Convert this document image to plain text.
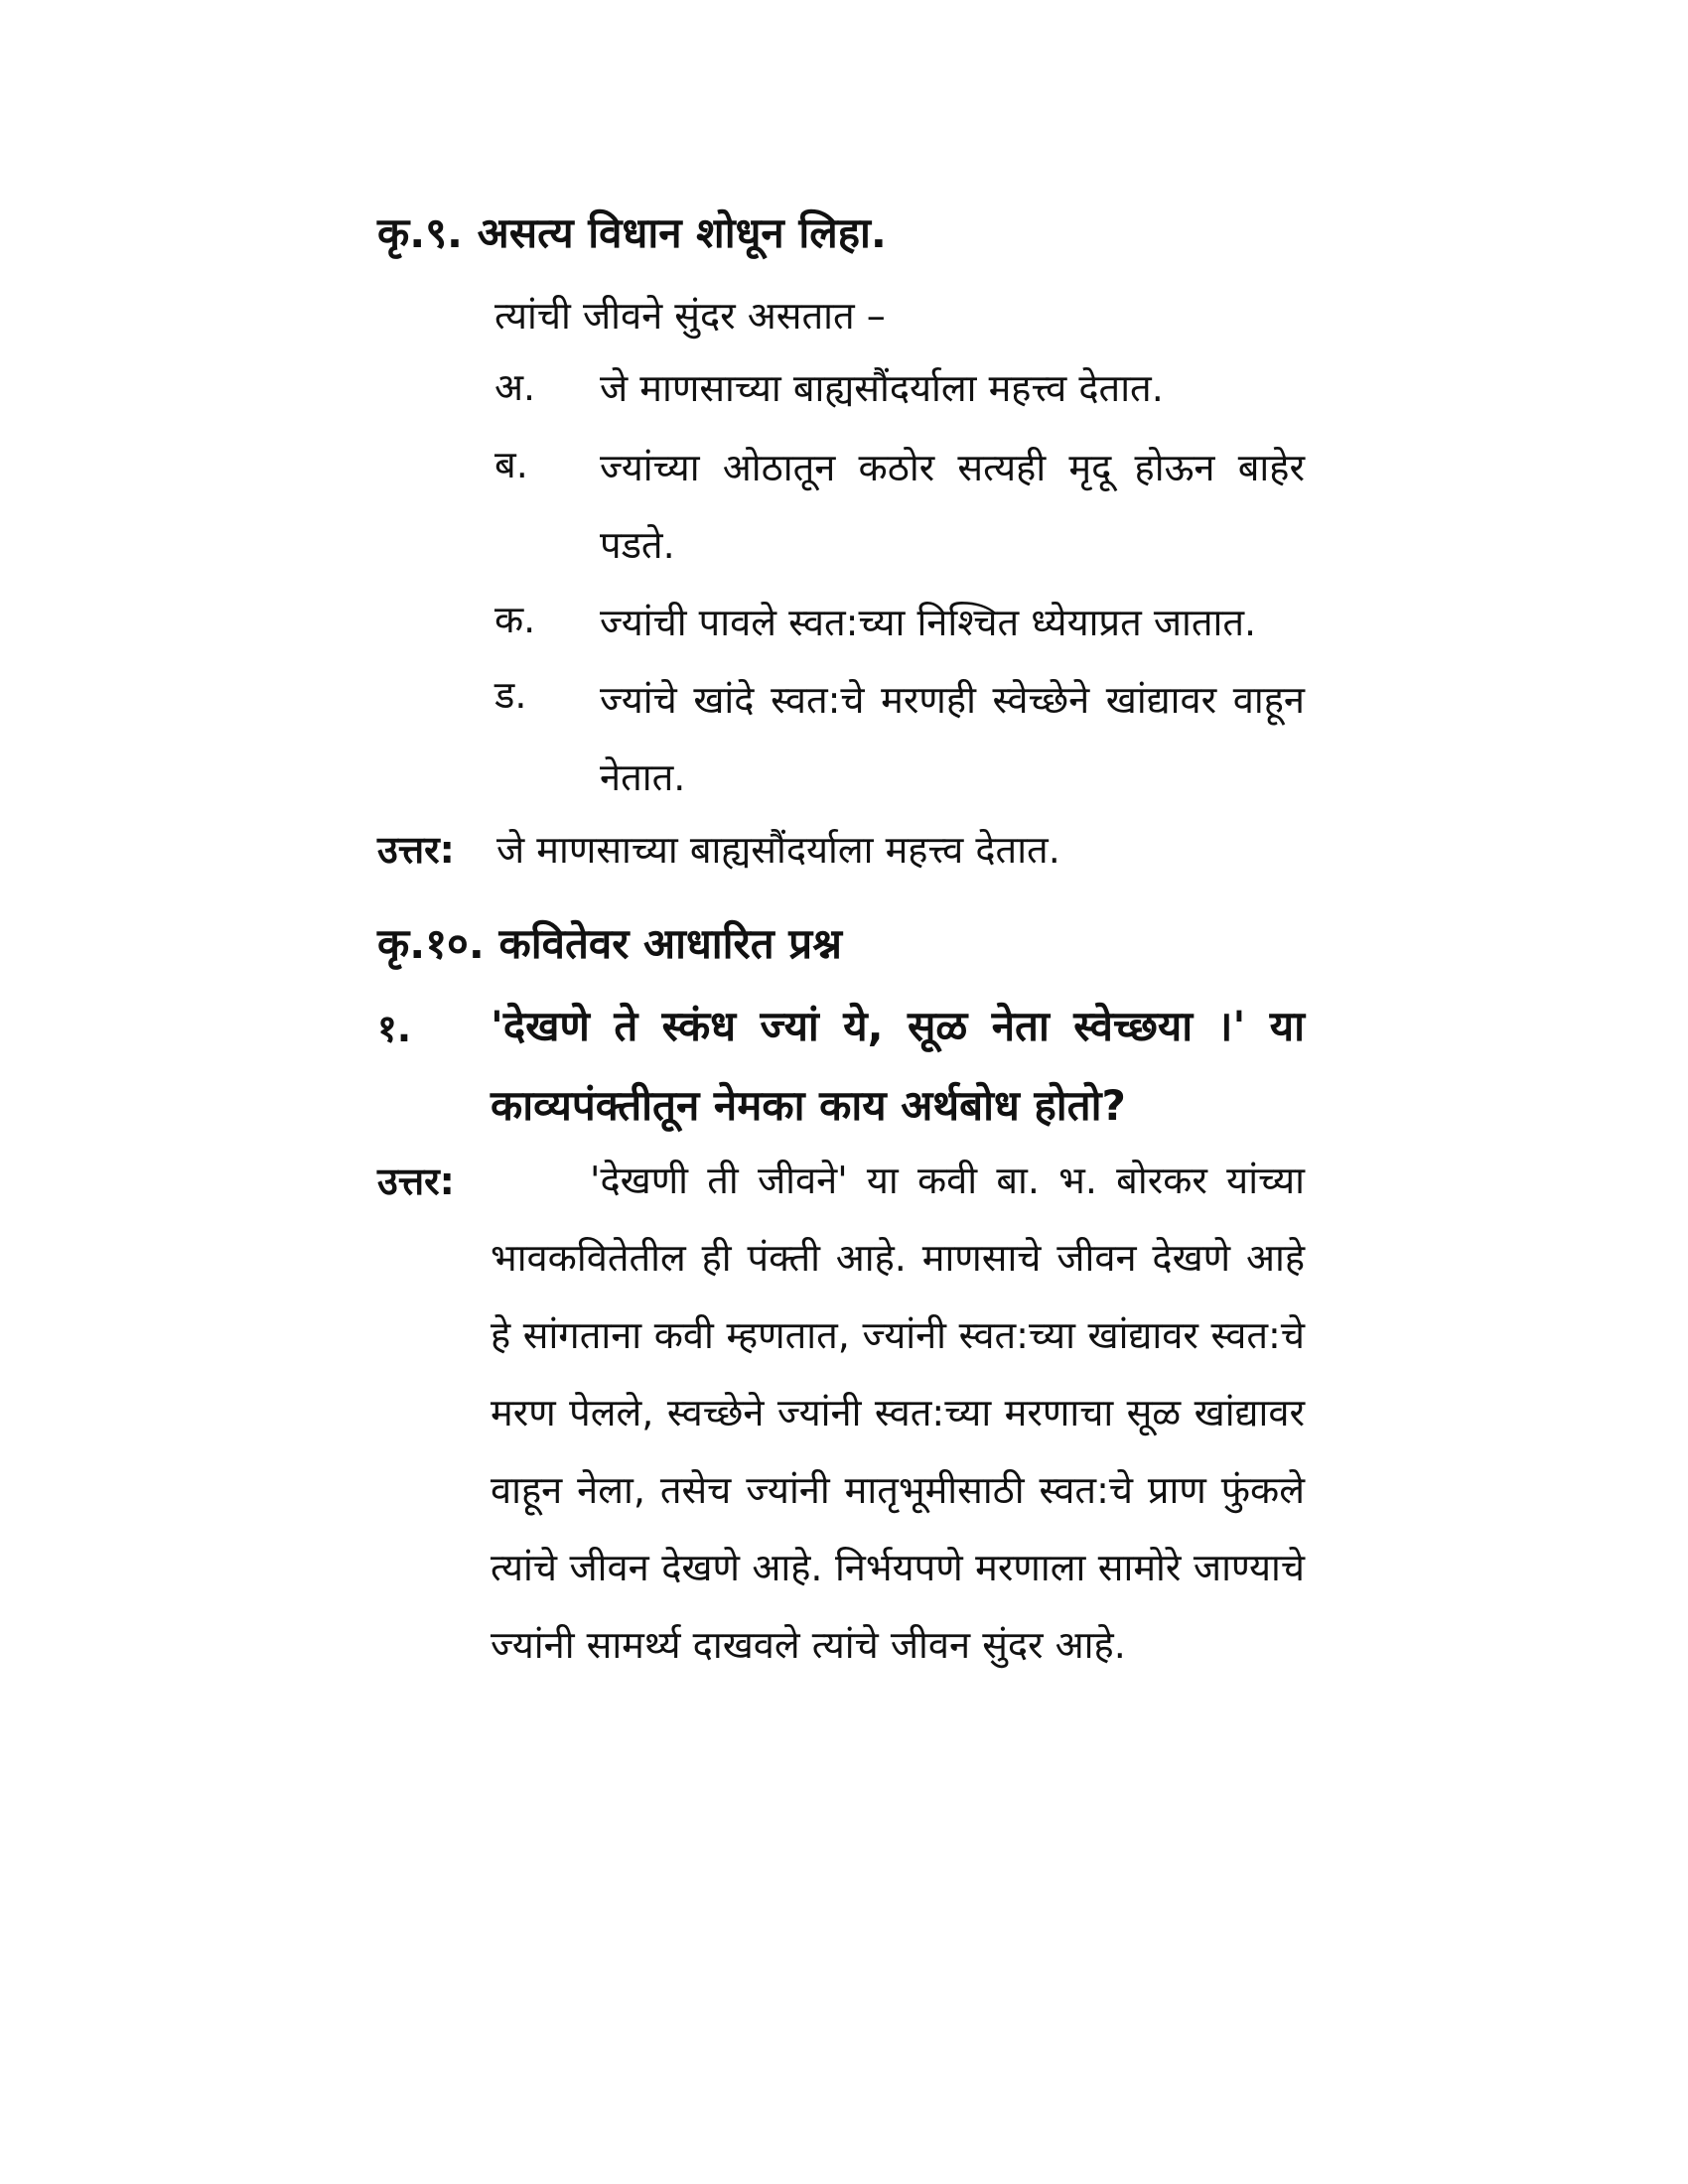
कृ.९. असत्य विधान शोधून लिहा.
त्यांची जीवने सुंदर असतात –
अ. जे माणसाच्या बाह्यसौंदर्याला महत्त्व देतात.
ब. ज्यांच्या ओठातून कठोर सत्यही मृदू होऊन बाहेर पडते.
क. ज्यांची पावले स्वत:च्या निश्चित ध्येयाप्रत जातात.
ड. ज्यांचे खांदे स्वत:चे मरणही स्वेच्छेने खांद्यावर वाहून नेतात.
उत्तर: जे माणसाच्या बाह्यसौंदर्याला महत्त्व देतात.
कृ.१०. कवितेवर आधारित प्रश्न
१. 'देखणे ते स्कंध ज्यां ये, सूळ नेता स्वेच्छया ।' या काव्यपंक्तीतून नेमका काय अर्थबोध होतो?
उत्तर:	'देखणी ती जीवने' या कवी बा. भ. बोरकर यांच्या भावकवितेतील ही पंक्ती आहे. माणसाचे जीवन देखणे आहे हे सांगताना कवी म्हणतात, ज्यांनी स्वत:च्या खांद्यावर स्वत:चे मरण पेलले, स्वच्छेने ज्यांनी स्वत:च्या मरणाचा सूळ खांद्यावर वाहून नेला, तसेच ज्यांनी मातृभूमीसाठी स्वत:चे प्राण फुंकले त्यांचे जीवन देखणे आहे. निर्भयपणे मरणाला सामोरे जाण्याचे ज्यांनी सामर्थ्य दाखवले त्यांचे जीवन सुंदर आहे.
